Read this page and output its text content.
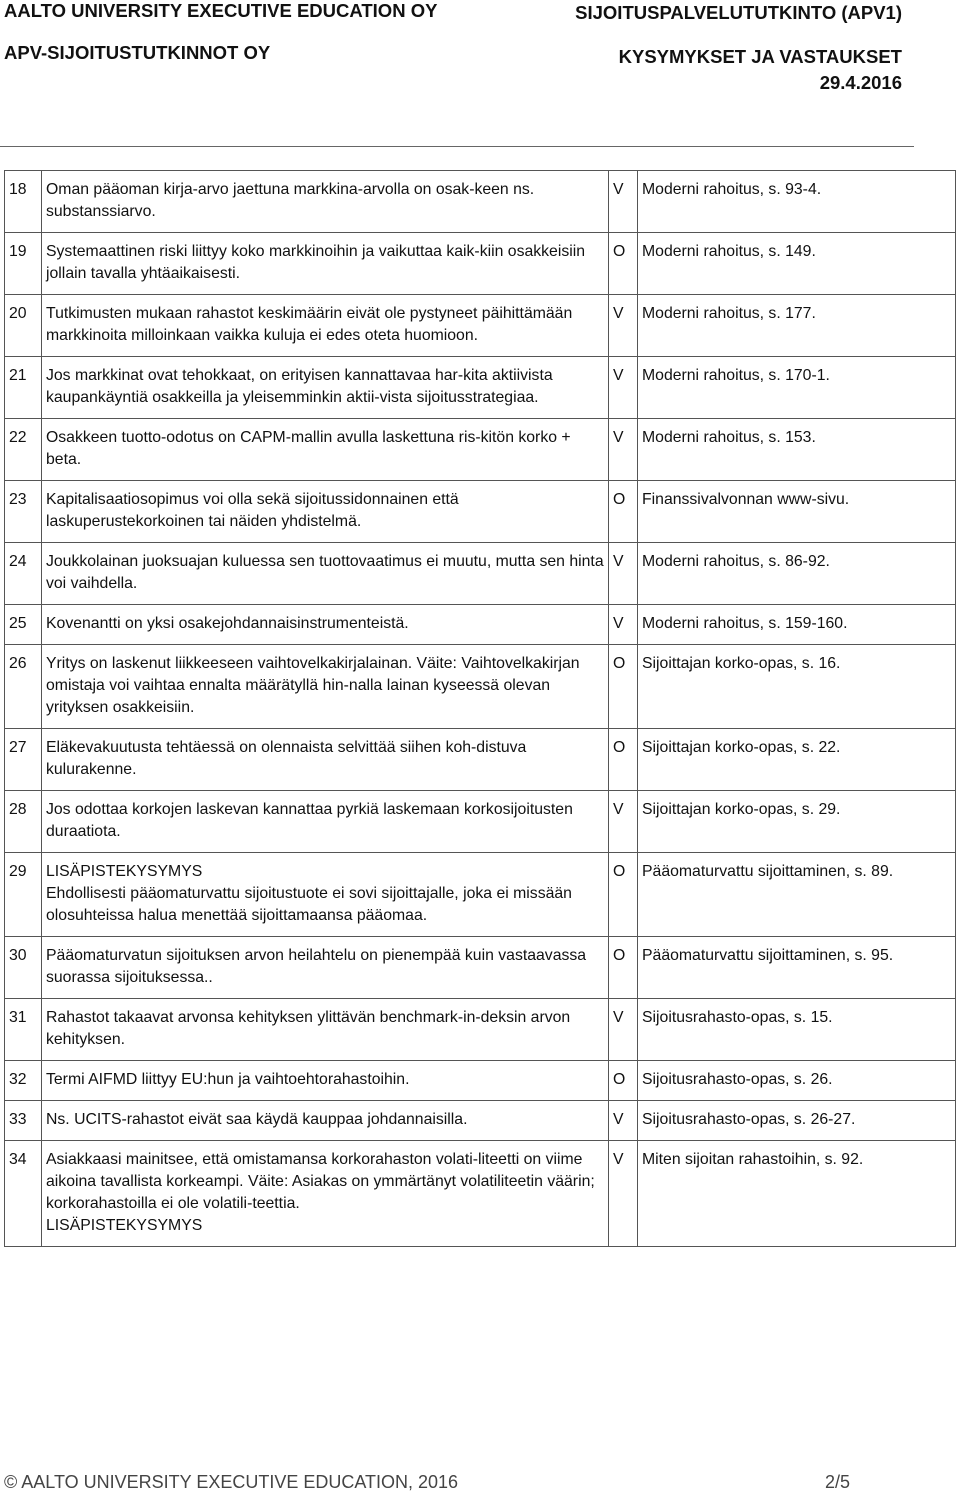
AALTO UNIVERSITY EXECUTIVE EDUCATION OY
APV-SIJOITUSTUTKINNOT OY
SIJOITUSPALVELUTUTKINTO (APV1)
KYSYMYKSET JA VASTAUKSET
29.4.2016
18	Oman pääoman kirja-arvo jaettuna markkina-arvolla on osak-keen ns. substanssiarvo.	V	Moderni rahoitus, s. 93-4.
19	Systemaattinen riski liittyy koko markkinoihin ja vaikuttaa kaik-kiin osakkeisiin jollain tavalla yhtäaikaisesti.	O	Moderni rahoitus, s. 149.
20	Tutkimusten mukaan rahastot keskimäärin eivät ole pystyneet päihittämään markkinoita milloinkaan vaikka kuluja ei edes oteta huomioon.	V	Moderni rahoitus, s. 177.
21	Jos markkinat ovat tehokkaat, on erityisen kannattavaa har-kita aktiivista kaupankäyntiä osakkeilla ja yleisemminkin aktii-vista sijoitusstrategiaa.	V	Moderni rahoitus, s. 170-1.
22	Osakkeen tuotto-odotus on CAPM-mallin avulla laskettuna ris-kitön korko + beta.	V	Moderni rahoitus, s. 153.
23	Kapitalisaatiosopimus voi olla sekä sijoitussidonnainen että laskuperustekorkoinen tai näiden yhdistelmä.	O	Finanssivalvonnan www-sivu.
24	Joukkolainan juoksuajan kuluessa sen tuottovaatimus ei muutu, mutta sen hinta voi vaihdella.	V	Moderni rahoitus, s. 86-92.
25	Kovenantti on yksi osakejohdannaisinstrumenteistä.	V	Moderni rahoitus, s. 159-160.
26	Yritys on laskenut liikkeeseen vaihtovelkakirjalainan. Väite: Vaihtovelkakirjan omistaja voi vaihtaa ennalta määrätyllä hin-nalla lainan kyseessä olevan yrityksen osakkeisiin.	O	Sijoittajan korko-opas, s. 16.
27	Eläkevakuutusta tehtäessä on olennaista selvittää siihen koh-distuva kulurakenne.	O	Sijoittajan korko-opas, s. 22.
28	Jos odottaa korkojen laskevan kannattaa pyrkiä laskemaan korkosijoitusten duraatiota.	V	Sijoittajan korko-opas, s. 29.
29	LISÄPISTEKYSYMYS
Ehdollisesti pääomaturvattu sijoitustuote ei sovi sijoittajalle, joka ei missään olosuhteissa halua menettää sijoittamaansa pääomaa.	O	Pääomaturvattu sijoittaminen, s. 89.
30	Pääomaturvatun sijoituksen arvon heilahtelu on pienempää kuin vastaavassa suorassa sijoituksessa..	O	Pääomaturvattu sijoittaminen, s. 95.
31	Rahastot takaavat arvonsa kehityksen ylittävän benchmark-in-deksin arvon kehityksen.	V	Sijoitusrahasto-opas, s. 15.
32	Termi AIFMD liittyy EU:hun ja vaihtoehtorahastoihin.	O	Sijoitusrahasto-opas, s. 26.
33	Ns. UCITS-rahastot eivät saa käydä kauppaa johdannaisilla.	V	Sijoitusrahasto-opas, s. 26-27.
34	Asiakkaasi mainitsee, että omistamansa korkorahaston volati-liteetti on viime aikoina tavallista korkeampi. Väite: Asiakas on ymmärtänyt volatiliteetin väärin; korkorahastoilla ei ole volatili-teettia.
LISÄPISTEKYSYMYS	V	Miten sijoitan rahastoihin, s. 92.
© AALTO UNIVERSITY EXECUTIVE EDUCATION, 2016	2/5
